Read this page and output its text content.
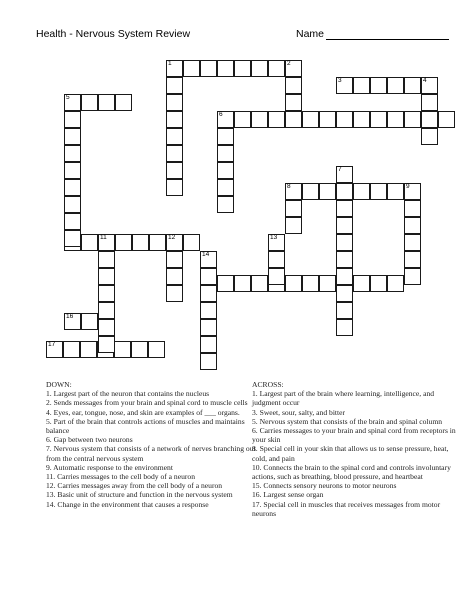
Health - Nervous System Review	Name
1	2
3	4
5
6
8	9
11	12
16
17
7
13
14
DOWN:
1. Largest part of the neuron that contains the nucleus
2. Sends messages from your brain and spinal cord to muscle cells
4. Eyes, ear, tongue, nose, and skin are examples of ___ organs.
5. Part of the brain that controls actions of muscles and maintains balance
6. Gap between two neurons
7. Nervous system that consists of a network of nerves branching out from the central nervous system
9. Automatic response to the environment
11. Carries messages to the cell body of a neuron
12. Carries messages away from the cell body of a neuron
13. Basic unit of structure and function in the nervous system
14. Change in the environment that causes a response
ACROSS:
1. Largest part of the brain where learning, intelligence, and judgment occur
3. Sweet, sour, salty, and bitter
5. Nervous system that consists of the brain and spinal column
6. Carries messages to your brain and spinal cord from receptors in your skin
8. Special cell in your skin that allows us to sense pressure, heat, cold, and pain
10. Connects the brain to the spinal cord and controls involuntary actions, such as breathing, blood pressure, and heartbeat
15. Connects sensory neurons to motor neurons
16. Largest sense organ
17. Special cell in muscles that receives messages from motor neurons
